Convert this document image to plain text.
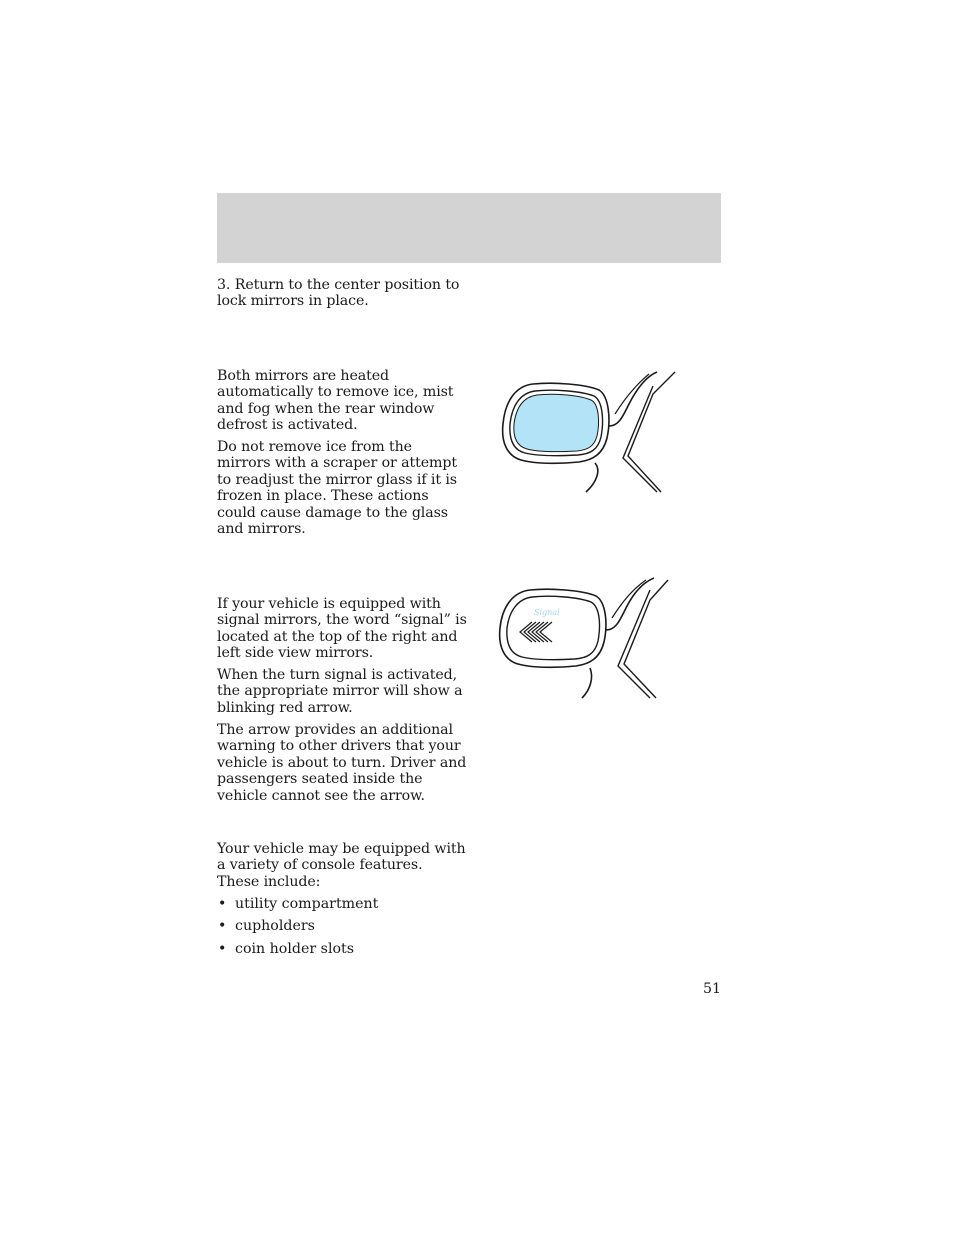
3. Return to the center position to lock mirrors in place.

Both mirrors are heated automatically to remove ice, mist and fog when the rear window defrost is activated.

Do not remove ice from the mirrors with a scraper or attempt to readjust the mirror glass if it is frozen in place. These actions could cause damage to the glass and mirrors.

If your vehicle is equipped with signal mirrors, the word “signal” is located at the top of the right and left side view mirrors.

When the turn signal is activated, the appropriate mirror will show a blinking red arrow.

The arrow provides an additional warning to other drivers that your vehicle is about to turn. Driver and passengers seated inside the vehicle cannot see the arrow.

Signal

Your vehicle may be equipped with a variety of console features. These include:

• utility compartment
• cupholders
• coin holder slots
51
